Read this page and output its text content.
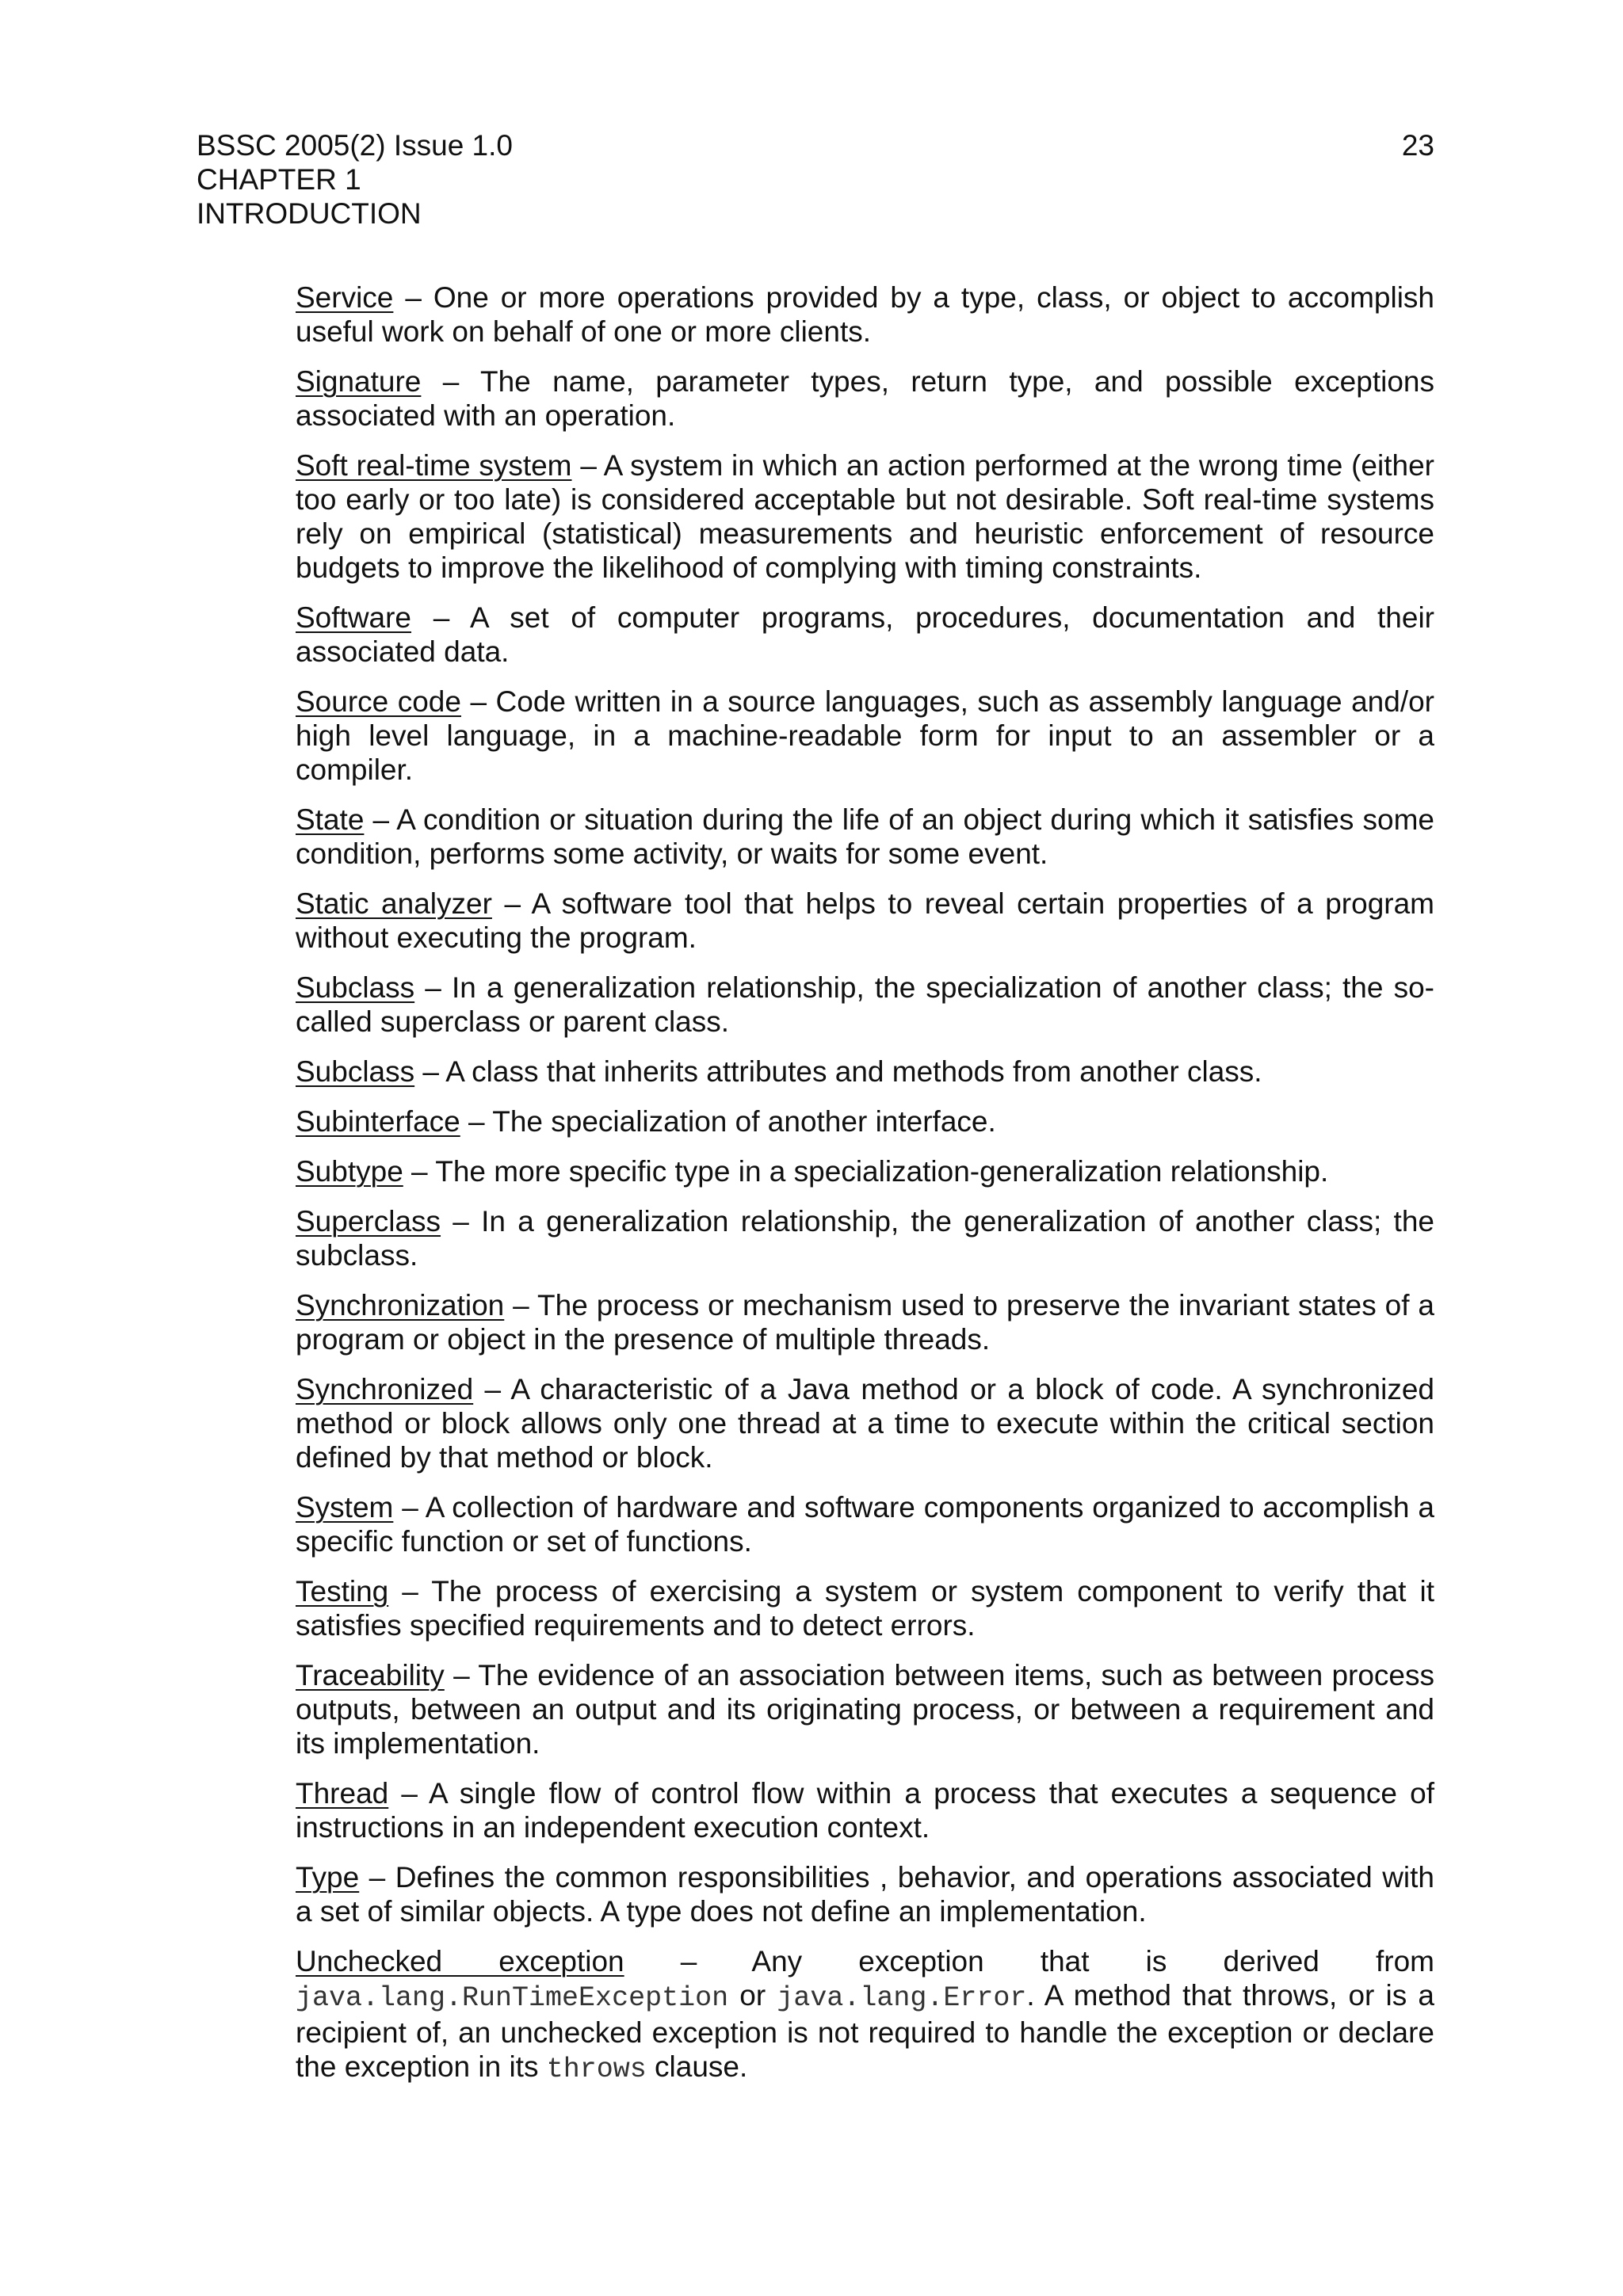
BSSC 2005(2) Issue 1.0
CHAPTER 1
INTRODUCTION
23

Service – One or more operations provided by a type, class, or object to accomplish useful work on behalf of one or more clients.

Signature – The name, parameter types, return type, and possible exceptions associated with an operation.

Soft real-time system – A system in which an action performed at the wrong time (either too early or too late) is considered acceptable but not desirable. Soft real-time systems rely on empirical (statistical) measurements and heuristic enforcement of resource budgets to improve the likelihood of complying with timing constraints.

Software – A set of computer programs, procedures, documentation and their associated data.

Source code – Code written in a source languages, such as assembly language and/or high level language, in a machine-readable form for input to an assembler or a compiler.

State – A condition or situation during the life of an object during which it satisfies some condition, performs some activity, or waits for some event.

Static analyzer – A software tool that helps to reveal certain properties of a program without executing the program.

Subclass – In a generalization relationship, the specialization of another class; the so-called superclass or parent class.

Subclass – A class that inherits attributes and methods from another class.

Subinterface – The specialization of another interface.

Subtype – The more specific type in a specialization-generalization relationship.

Superclass – In a generalization relationship, the generalization of another class; the subclass.

Synchronization – The process or mechanism used to preserve the invariant states of a program or object in the presence of multiple threads.

Synchronized – A characteristic of a Java method or a block of code. A synchronized method or block allows only one thread at a time to execute within the critical section defined by that method or block.

System – A collection of hardware and software components organized to accomplish a specific function or set of functions.

Testing – The process of exercising a system or system component to verify that it satisfies specified requirements and to detect errors.

Traceability – The evidence of an association between items, such as between process outputs, between an output and its originating process, or between a requirement and its implementation.

Thread – A single flow of control flow within a process that executes a sequence of instructions in an independent execution context.

Type – Defines the common responsibilities , behavior, and operations associated with a set of similar objects. A type does not define an implementation.

Unchecked exception – Any exception that is derived from java.lang.RunTimeException or java.lang.Error. A method that throws, or is a recipient of, an unchecked exception is not required to handle the exception or declare the exception in its throws clause.
